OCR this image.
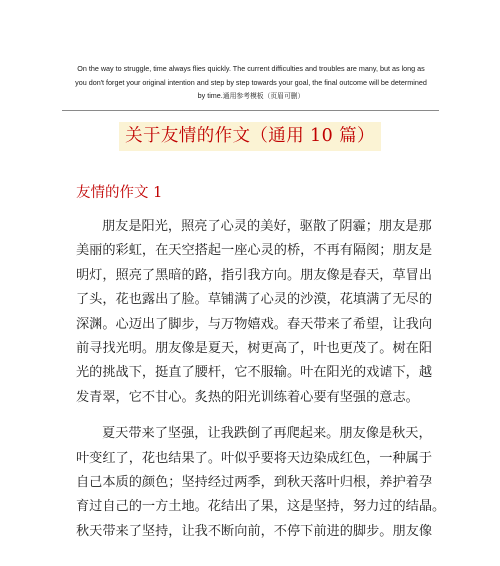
On the way to struggle, time always flies quickly. The current difficulties and troubles are many, but as long as
you don't forget your original intention and step by step towards your goal, the final outcome will be determined
by time.通用参考模板（页眉可删）
关于友情的作文（通用 10 篇）
友情的作文 1
朋友是阳光，照亮了心灵的美好，驱散了阴霾；朋友是那
美丽的彩虹，在天空搭起一座心灵的桥，不再有隔阂；朋友是
明灯，照亮了黑暗的路，指引我方向。朋友像是春天，草冒出
了头，花也露出了脸。草铺满了心灵的沙漠，花填满了无尽的
深渊。心迈出了脚步，与万物嬉戏。春天带来了希望，让我向
前寻找光明。朋友像是夏天，树更高了，叶也更茂了。树在阳
光的挑战下，挺直了腰杆，它不服输。叶在阳光的戏谑下，越
发青翠，它不甘心。炙热的阳光训练着心要有坚强的意志。
夏天带来了坚强，让我跌倒了再爬起来。朋友像是秋天，
叶变红了，花也结果了。叶似乎要将天边染成红色，一种属于
自己本质的颜色；坚持经过两季，到秋天落叶归根，养护着孕
育过自己的一方土地。花结出了果，这是坚持，努力过的结晶。
秋天带来了坚持，让我不断向前，不停下前进的脚步。朋友像
